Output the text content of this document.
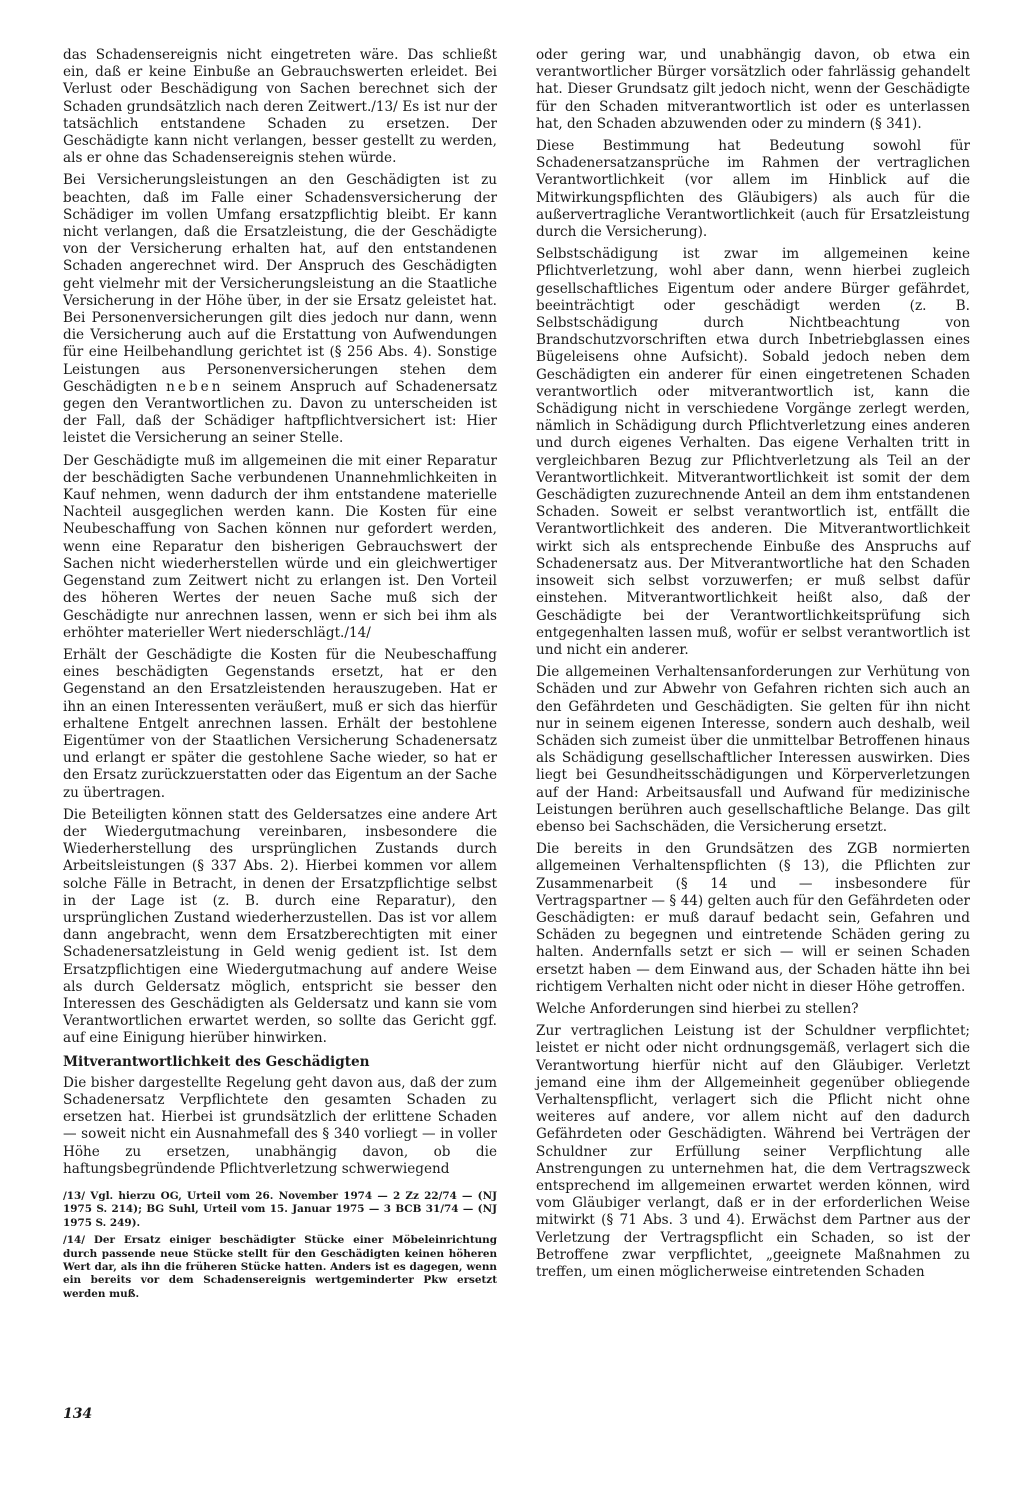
das Schadensereignis nicht eingetreten wäre. Das schließt ein, daß er keine Einbuße an Gebrauchswerten erleidet. Bei Verlust oder Beschädigung von Sachen berechnet sich der Schaden grundsätzlich nach deren Zeitwert./13/ Es ist nur der tatsächlich entstandene Schaden zu ersetzen. Der Geschädigte kann nicht verlangen, besser gestellt zu werden, als er ohne das Schadensereignis stehen würde.

Bei Versicherungsleistungen an den Geschädigten ist zu beachten, daß im Falle einer Schadensversicherung der Schädiger im vollen Umfang ersatzpflichtig bleibt. Er kann nicht verlangen, daß die Ersatzleistung, die der Geschädigte von der Versicherung erhalten hat, auf den entstandenen Schaden angerechnet wird. Der Anspruch des Geschädigten geht vielmehr mit der Versicherungsleistung an die Staatliche Versicherung in der Höhe über, in der sie Ersatz geleistet hat. Bei Personenversicherungen gilt dies jedoch nur dann, wenn die Versicherung auch auf die Erstattung von Aufwendungen für eine Heilbehandlung gerichtet ist (§ 256 Abs. 4). Sonstige Leistungen aus Personenversicherungen stehen dem Geschädigten neben seinem Anspruch auf Schadenersatz gegen den Verantwortlichen zu. Davon zu unterscheiden ist der Fall, daß der Schädiger haftpflichtversichert ist: Hier leistet die Versicherung an seiner Stelle.

Der Geschädigte muß im allgemeinen die mit einer Reparatur der beschädigten Sache verbundenen Unannehmlichkeiten in Kauf nehmen, wenn dadurch der ihm entstandene materielle Nachteil ausgeglichen werden kann. Die Kosten für eine Neubeschaffung von Sachen können nur gefordert werden, wenn eine Reparatur den bisherigen Gebrauchswert der Sachen nicht wiederherstellen würde und ein gleichwertiger Gegenstand zum Zeitwert nicht zu erlangen ist. Den Vorteil des höheren Wertes der neuen Sache muß sich der Geschädigte nur anrechnen lassen, wenn er sich bei ihm als erhöhter materieller Wert niederschlägt./14/

Erhält der Geschädigte die Kosten für die Neubeschaffung eines beschädigten Gegenstands ersetzt, hat er den Gegenstand an den Ersatzleistenden herauszugeben. Hat er ihn an einen Interessenten veräußert, muß er sich das hierfür erhaltene Entgelt anrechnen lassen. Erhält der bestohlene Eigentümer von der Staatlichen Versicherung Schadenersatz und erlangt er später die gestohlene Sache wieder, so hat er den Ersatz zurückzuerstatten oder das Eigentum an der Sache zu übertragen.

Die Beteiligten können statt des Geldersatzes eine andere Art der Wiedergutmachung vereinbaren, insbesondere die Wiederherstellung des ursprünglichen Zustands durch Arbeitsleistungen (§ 337 Abs. 2). Hierbei kommen vor allem solche Fälle in Betracht, in denen der Ersatzpflichtige selbst in der Lage ist (z. B. durch eine Reparatur), den ursprünglichen Zustand wiederherzustellen. Das ist vor allem dann angebracht, wenn dem Ersatzberechtigten mit einer Schadenersatzleistung in Geld wenig gedient ist. Ist dem Ersatzpflichtigen eine Wiedergutmachung auf andere Weise als durch Geldersatz möglich, entspricht sie besser den Interessen des Geschädigten als Geldersatz und kann sie vom Verantwortlichen erwartet werden, so sollte das Gericht ggf. auf eine Einigung hierüber hinwirken.

Mitverantwortlichkeit des Geschädigten

Die bisher dargestellte Regelung geht davon aus, daß der zum Schadenersatz Verpflichtete den gesamten Schaden zu ersetzen hat. Hierbei ist grundsätzlich der erlittene Schaden — soweit nicht ein Ausnahmefall des § 340 vorliegt — in voller Höhe zu ersetzen, unabhängig davon, ob die haftungsbegründende Pflichtverletzung schwerwiegend

/13/ Vgl. hierzu OG, Urteil vom 26. November 1974 — 2 Zz 22/74 — (NJ 1975 S. 214); BG Suhl, Urteil vom 15. Januar 1975 — 3 BCB 31/74 — (NJ 1975 S. 249).

/14/ Der Ersatz einiger beschädigter Stücke einer Möbeleinrichtung durch passende neue Stücke stellt für den Geschädigten keinen höheren Wert dar, als ihn die früheren Stücke hatten. Anders ist es dagegen, wenn ein bereits vor dem Schadensereignis wertgeminderter Pkw ersetzt werden muß.

oder gering war, und unabhängig davon, ob etwa ein verantwortlicher Bürger vorsätzlich oder fahrlässig gehandelt hat. Dieser Grundsatz gilt jedoch nicht, wenn der Geschädigte für den Schaden mitverantwortlich ist oder es unterlassen hat, den Schaden abzuwenden oder zu mindern (§ 341).

Diese Bestimmung hat Bedeutung sowohl für Schadenersatzansprüche im Rahmen der vertraglichen Verantwortlichkeit (vor allem im Hinblick auf die Mitwirkungspflichten des Gläubigers) als auch für die außervertragliche Verantwortlichkeit (auch für Ersatzleistung durch die Versicherung).

Selbstschädigung ist zwar im allgemeinen keine Pflichtverletzung, wohl aber dann, wenn hierbei zugleich gesellschaftliches Eigentum oder andere Bürger gefährdet, beeinträchtigt oder geschädigt werden (z. B. Selbstschädigung durch Nichtbeachtung von Brandschutzvorschriften etwa durch Inbetriebglassen eines Bügeleisens ohne Aufsicht). Sobald jedoch neben dem Geschädigten ein anderer für einen eingetretenen Schaden verantwortlich oder mitverantwortlich ist, kann die Schädigung nicht in verschiedene Vorgänge zerlegt werden, nämlich in Schädigung durch Pflichtverletzung eines anderen und durch eigenes Verhalten. Das eigene Verhalten tritt in vergleichbaren Bezug zur Pflichtverletzung als Teil an der Verantwortlichkeit. Mitverantwortlichkeit ist somit der dem Geschädigten zuzurechnende Anteil an dem ihm entstandenen Schaden. Soweit er selbst verantwortlich ist, entfällt die Verantwortlichkeit des anderen. Die Mitverantwortlichkeit wirkt sich als entsprechende Einbuße des Anspruchs auf Schadenersatz aus. Der Mitverantwortliche hat den Schaden insoweit sich selbst vorzuwerfen; er muß selbst dafür einstehen. Mitverantwortlichkeit heißt also, daß der Geschädigte bei der Verantwortlichkeitsprüfung sich entgegenhalten lassen muß, wofür er selbst verantwortlich ist und nicht ein anderer.

Die allgemeinen Verhaltensanforderungen zur Verhütung von Schäden und zur Abwehr von Gefahren richten sich auch an den Gefährdeten und Geschädigten. Sie gelten für ihn nicht nur in seinem eigenen Interesse, sondern auch deshalb, weil Schäden sich zumeist über die unmittelbar Betroffenen hinaus als Schädigung gesellschaftlicher Interessen auswirken. Dies liegt bei Gesundheitsschädigungen und Körperverletzungen auf der Hand: Arbeitsausfall und Aufwand für medizinische Leistungen berühren auch gesellschaftliche Belange. Das gilt ebenso bei Sachschäden, die Versicherung ersetzt.

Die bereits in den Grundsätzen des ZGB normierten allgemeinen Verhaltenspflichten (§ 13), die Pflichten zur Zusammenarbeit (§ 14 und — insbesondere für Vertragspartner — § 44) gelten auch für den Gefährdeten oder Geschädigten: er muß darauf bedacht sein, Gefahren und Schäden zu begegnen und eintretende Schäden gering zu halten. Andernfalls setzt er sich — will er seinen Schaden ersetzt haben — dem Einwand aus, der Schaden hätte ihn bei richtigem Verhalten nicht oder nicht in dieser Höhe getroffen.

Welche Anforderungen sind hierbei zu stellen?

Zur vertraglichen Leistung ist der Schuldner verpflichtet; leistet er nicht oder nicht ordnungsgemäß, verlagert sich die Verantwortung hierfür nicht auf den Gläubiger. Verletzt jemand eine ihm der Allgemeinheit gegenüber obliegende Verhaltenspflicht, verlagert sich die Pflicht nicht ohne weiteres auf andere, vor allem nicht auf den dadurch Gefährdeten oder Geschädigten. Während bei Verträgen der Schuldner zur Erfüllung seiner Verpflichtung alle Anstrengungen zu unternehmen hat, die dem Vertragszweck entsprechend im allgemeinen erwartet werden können, wird vom Gläubiger verlangt, daß er in der erforderlichen Weise mitwirkt (§ 71 Abs. 3 und 4). Erwächst dem Partner aus der Verletzung der Vertragspflicht ein Schaden, so ist der Betroffene zwar verpflichtet, „geeignete Maßnahmen zu treffen, um einen möglicherweise eintretenden Schaden

134
